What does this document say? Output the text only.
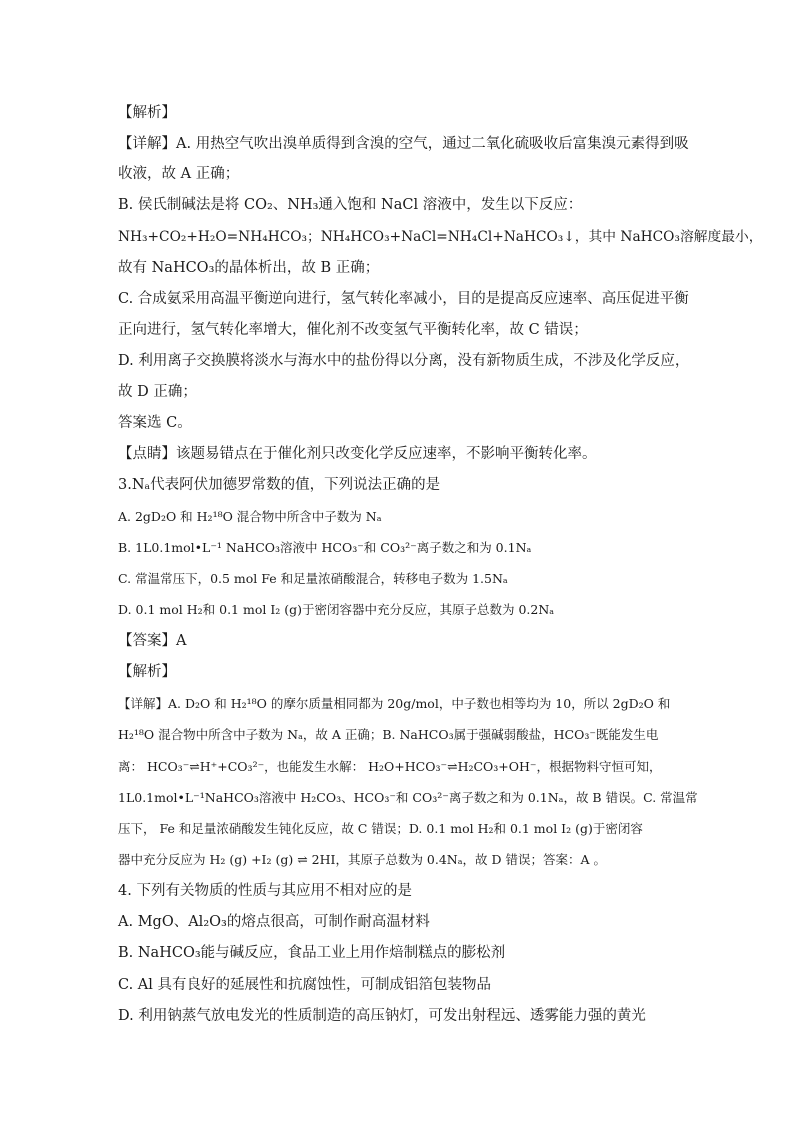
【解析】
【详解】A. 用热空气吹出溴单质得到含溴的空气，通过二氧化硫吸收后富集溴元素得到吸
收液，故 A 正确；
B. 侯氏制碱法是将 CO₂、NH₃通入饱和 NaCl 溶液中，发生以下反应：
NH₃+CO₂+H₂O=NH₄HCO₃；NH₄HCO₃+NaCl=NH₄Cl+NaHCO₃↓，其中 NaHCO₃溶解度最小，
故有 NaHCO₃的晶体析出，故 B 正确；
C. 合成氨采用高温平衡逆向进行，氢气转化率减小，目的是提高反应速率、高压促进平衡
正向进行，氢气转化率增大，催化剂不改变氢气平衡转化率，故 C 错误；
D. 利用离子交换膜将淡水与海水中的盐份得以分离，没有新物质生成，不涉及化学反应，
故 D 正确；
答案选 C。
【点睛】该题易错点在于催化剂只改变化学反应速率，不影响平衡转化率。
3.Nₐ代表阿伏加德罗常数的值，下列说法正确的是
A. 2gD₂O 和 H₂¹⁸O 混合物中所含中子数为 Nₐ
B. 1L0.1mol•L⁻¹ NaHCO₃溶液中 HCO₃⁻和 CO₃²⁻离子数之和为 0.1Nₐ
C. 常温常压下，0.5 mol Fe 和足量浓硝酸混合，转移电子数为 1.5Nₐ
D. 0.1 mol H₂和 0.1 mol I₂ (g)于密闭容器中充分反应，其原子总数为 0.2Nₐ
【答案】A
【解析】
【详解】A. D₂O 和 H₂¹⁸O 的摩尔质量相同都为 20g/mol，中子数也相等均为 10，所以 2gD₂O 和
H₂¹⁸O 混合物中所含中子数为 Nₐ，故 A 正确；B. NaHCO₃属于强碱弱酸盐，HCO₃⁻既能发生电
离： HCO₃⁻⇌H⁺+CO₃²⁻，也能发生水解： H₂O+HCO₃⁻⇌H₂CO₃+OH⁻，根据物料守恒可知，
1L0.1mol•L⁻¹NaHCO₃溶液中 H₂CO₃、HCO₃⁻和 CO₃²⁻离子数之和为 0.1Nₐ，故 B 错误。C. 常温常
压下， Fe 和足量浓硝酸发生钝化反应，故 C 错误；D. 0.1 mol H₂和 0.1 mol I₂ (g)于密闭容
器中充分反应为 H₂ (g) +I₂ (g) ⇌ 2HI，其原子总数为 0.4Nₐ，故 D 错误；答案：A 。
4. 下列有关物质的性质与其应用不相对应的是
A. MgO、Al₂O₃的熔点很高，可制作耐高温材料
B. NaHCO₃能与碱反应，食品工业上用作焙制糕点的膨松剂
C. Al 具有良好的延展性和抗腐蚀性，可制成铝箔包装物品
D. 利用钠蒸气放电发光的性质制造的高压钠灯，可发出射程远、透雾能力强的黄光
